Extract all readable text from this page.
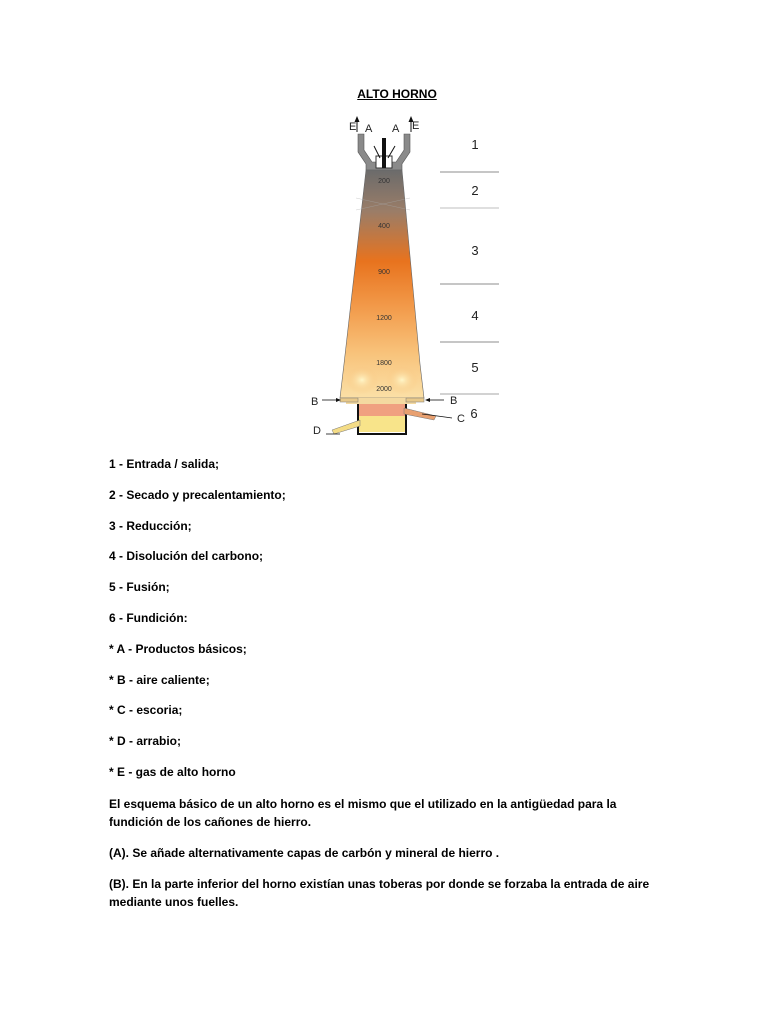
ALTO HORNO
E A A E
200
400
900
1200
1800
2000
1
2
3
4
5
6
B	B
C
D
1 - Entrada / salida;
2 - Secado y precalentamiento;
3 - Reducción;
4 - Disolución del carbono;
5 - Fusión;
6 - Fundición:
* A - Productos básicos;
* B - aire caliente;
* C - escoria;
* D - arrabio;
* E - gas de alto horno
El esquema básico de un alto horno es el mismo que el utilizado en la antigüedad para la fundición de los cañones de hierro.
(A). Se añade alternativamente capas de carbón y mineral de hierro .
(B). En la parte inferior del horno existían unas toberas por donde se forzaba la entrada de aire mediante unos fuelles.
